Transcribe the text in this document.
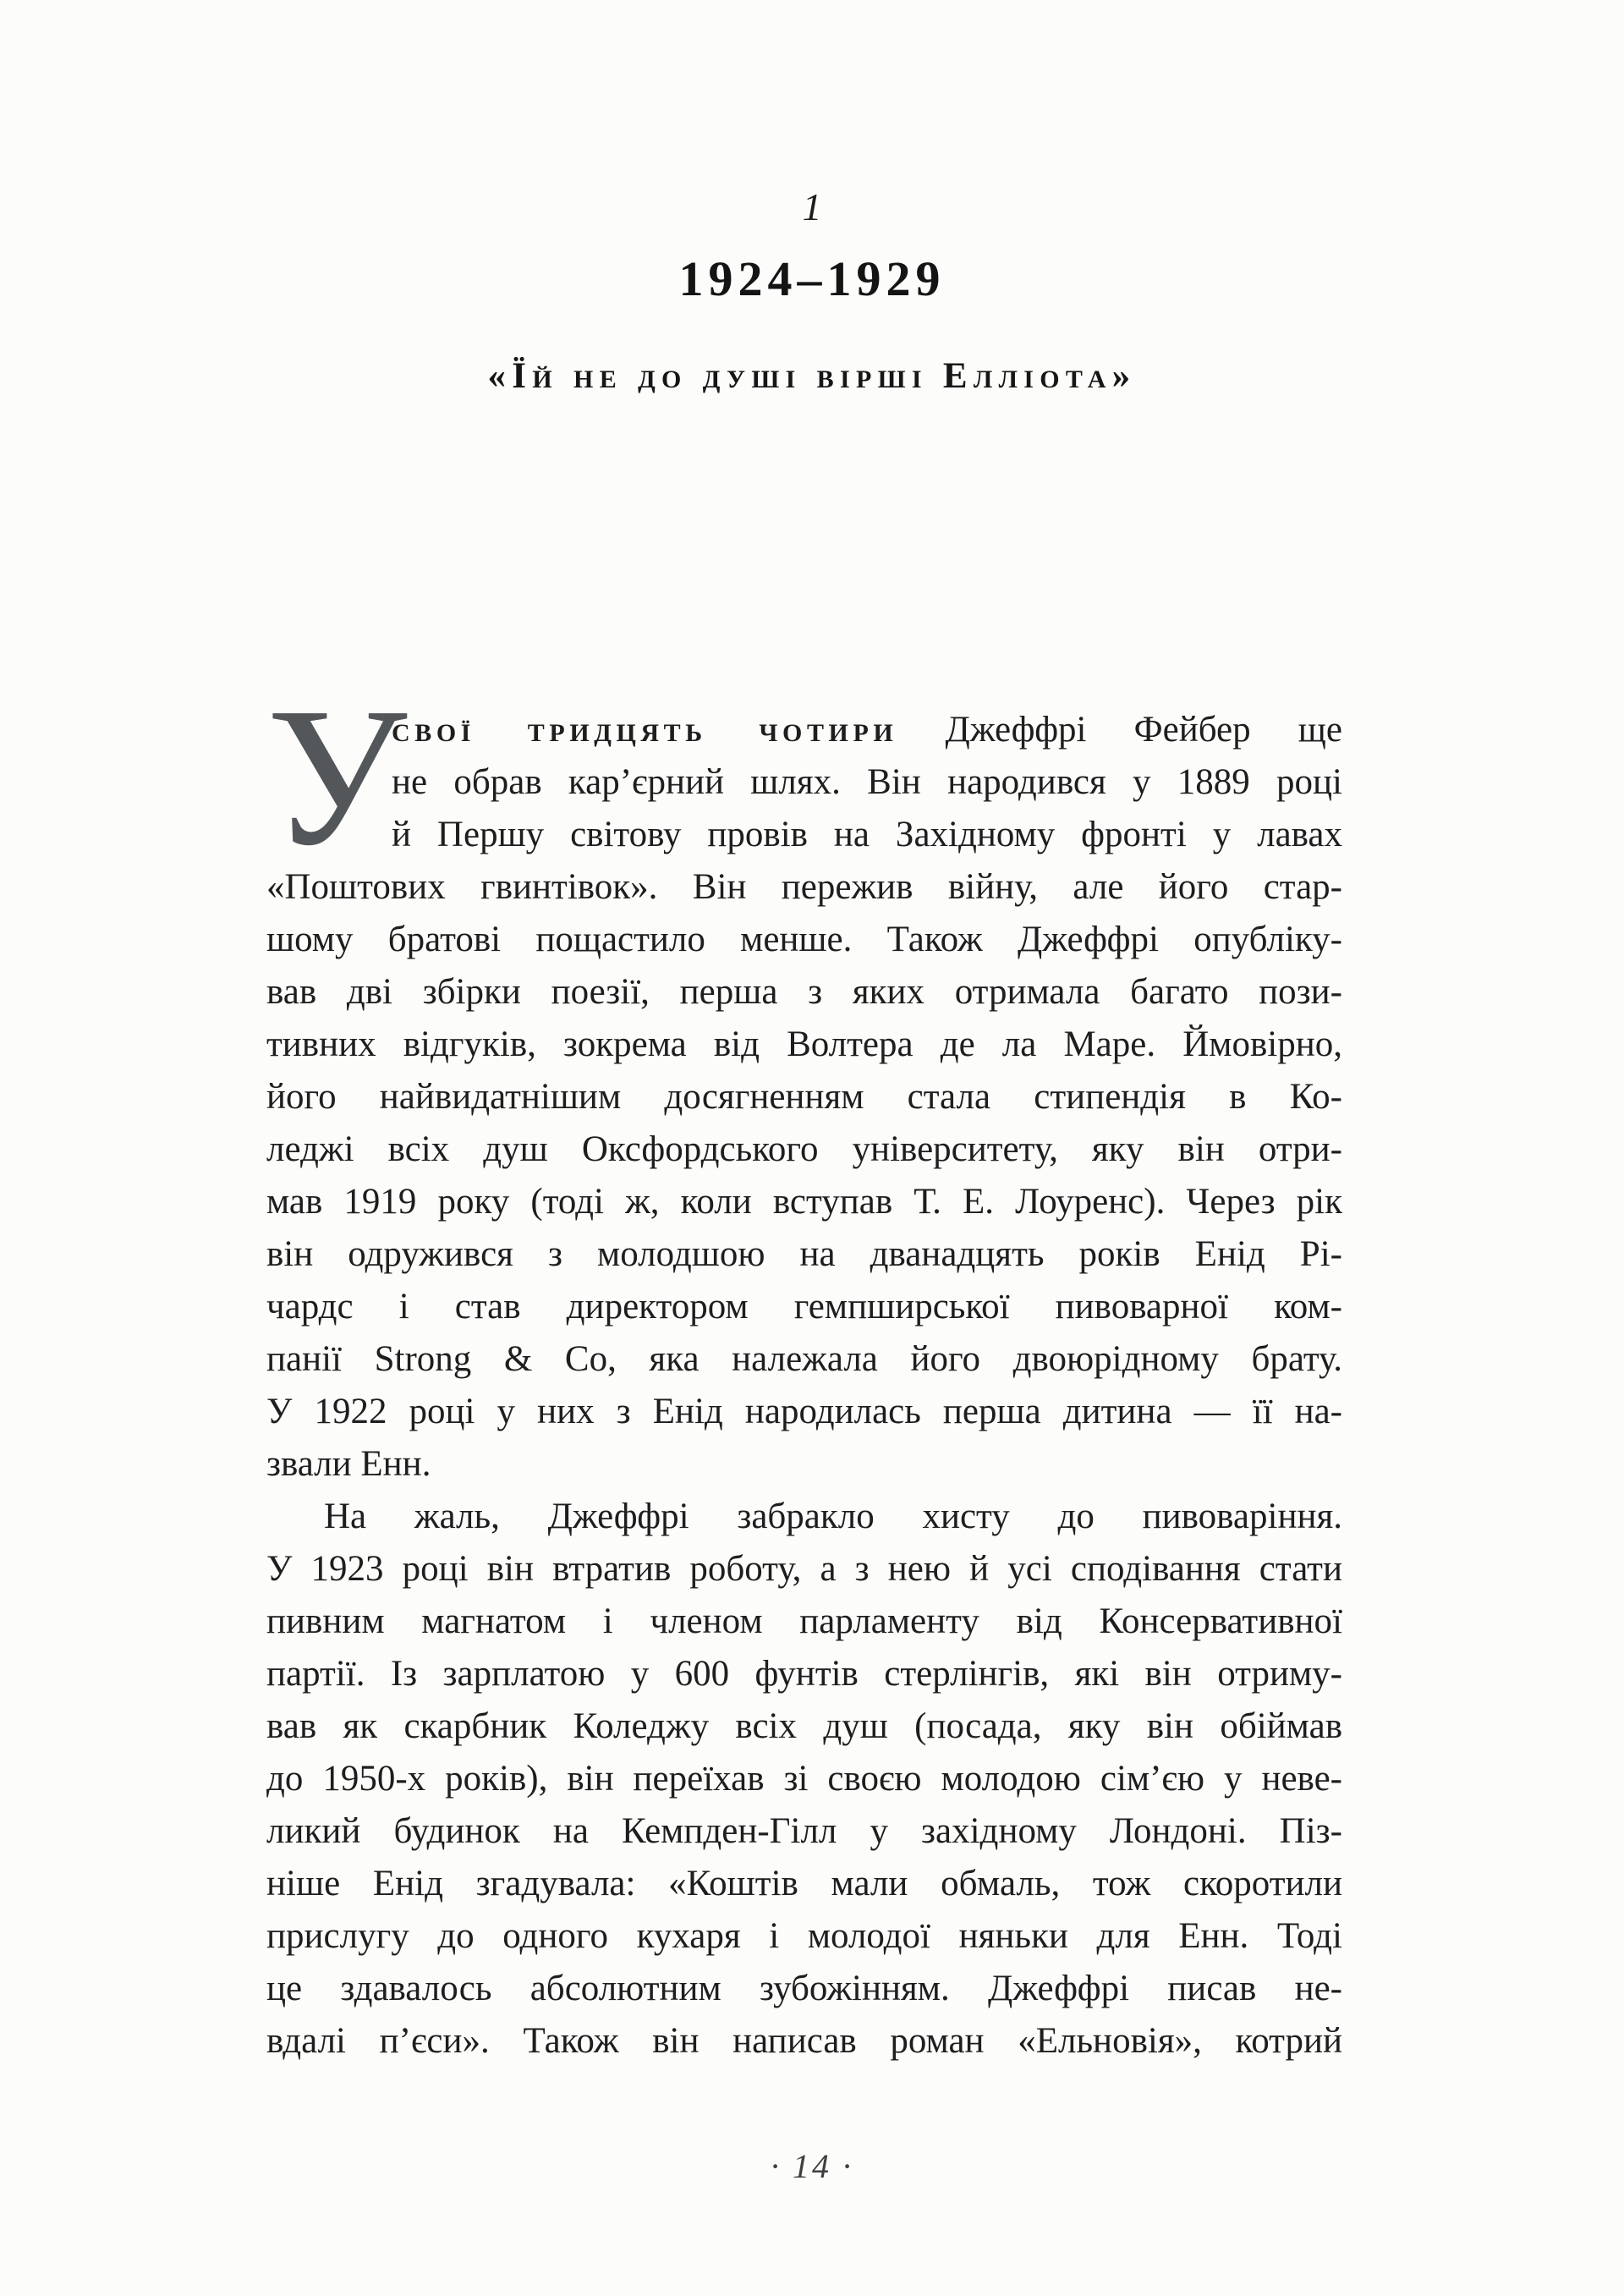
1
1924–1929
«Їй не до душі вірші Елліота»
У
свої тридцять чотири Джеффрі Фейбер ще
не обрав кар’єрний шлях. Він народився у 1889 році
й Першу світову провів на Західному фронті у лавах
«Поштових гвинтівок». Він пережив війну, але його стар-
шому братові пощастило менше. Також Джеффрі опубліку-
вав дві збірки поезії, перша з яких отримала багато пози-
тивних відгуків, зокрема від Волтера де ла Маре. Ймовірно,
його найвидатнішим досягненням стала стипендія в Ко-
леджі всіх душ Оксфордського університету, яку він отри-
мав 1919 року (тоді ж, коли вступав Т. Е. Лоуренс). Через рік
він одружився з молодшою на дванадцять років Енід Рі-
чардс і став директором гемпширської пивоварної ком-
панії Strong & Co, яка належала його двоюрідному брату.
У 1922 році у них з Енід народилась перша дитина — її на-
звали Енн.
На жаль, Джеффрі забракло хисту до пивоваріння.
У 1923 році він втратив роботу, а з нею й усі сподівання стати
пивним магнатом і членом парламенту від Консервативної
партії. Із зарплатою у 600 фунтів стерлінгів, які він отриму-
вав як скарбник Коледжу всіх душ (посада, яку він обіймав
до 1950-х років), він переїхав зі своєю молодою сім’єю у неве-
ликий будинок на Кемпден-Гілл у західному Лондоні. Піз-
ніше Енід згадувала: «Коштів мали обмаль, тож скоротили
прислугу до одного кухаря і молодої няньки для Енн. Тоді
це здавалось абсолютним зубожінням. Джеффрі писав не-
вдалі п’єси». Також він написав роман «Ельновія», котрий
· 14 ·
